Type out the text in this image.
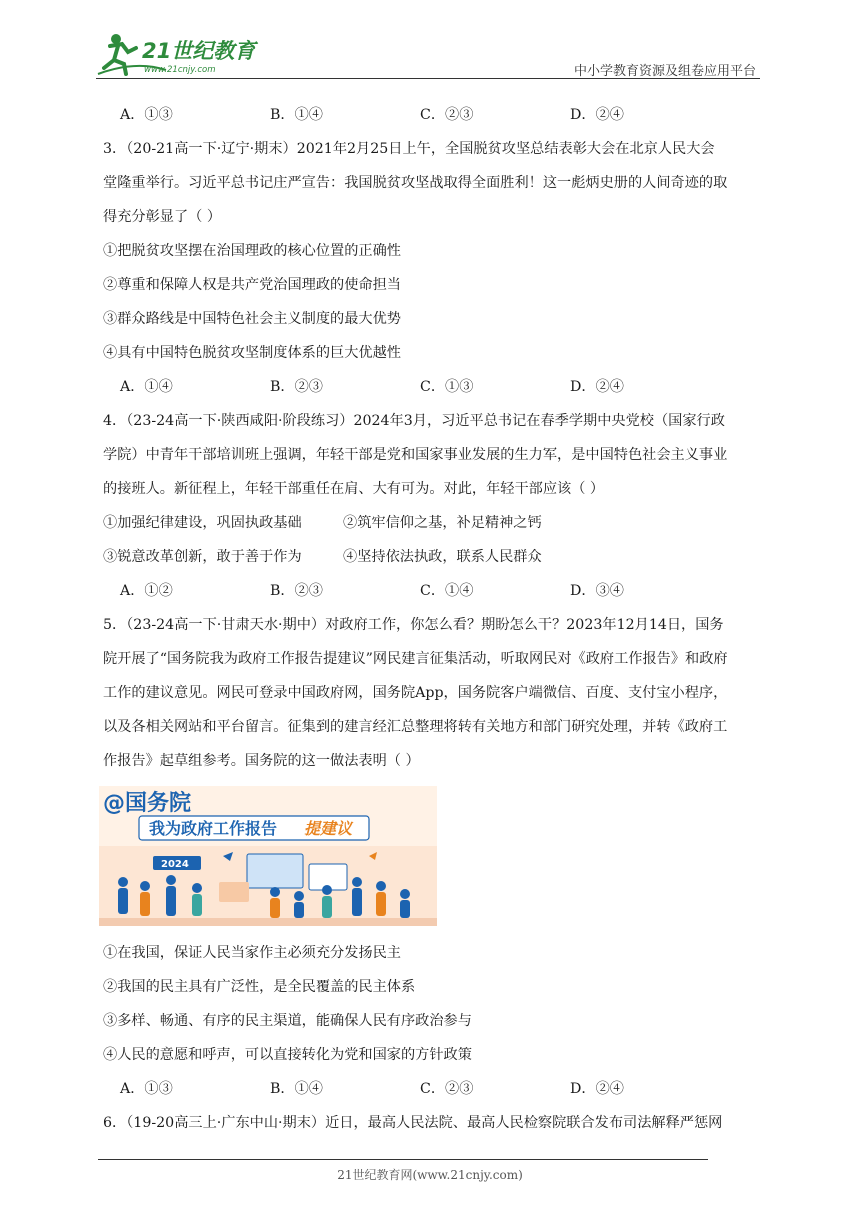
21世纪教育
www.21cnjy.com	中小学教育资源及组卷应用平台
A．①③	B．①④	C．②③	D．②④
3．（20-21高一下·辽宁·期末）2021年2月25日上午，全国脱贫攻坚总结表彰大会在北京人民大会
堂隆重举行。习近平总书记庄严宣告：我国脱贫攻坚战取得全面胜利！这一彪炳史册的人间奇迹的取
得充分彰显了（ ）
①把脱贫攻坚摆在治国理政的核心位置的正确性
②尊重和保障人权是共产党治国理政的使命担当
③群众路线是中国特色社会主义制度的最大优势
④具有中国特色脱贫攻坚制度体系的巨大优越性
A．①④	B．②③	C．①③	D．②④
4．（23-24高一下·陕西咸阳·阶段练习）2024年3月，习近平总书记在春季学期中央党校（国家行政
学院）中青年干部培训班上强调，年轻干部是党和国家事业发展的生力军，是中国特色社会主义事业
的接班人。新征程上，年轻干部重任在肩、大有可为。对此，年轻干部应该（ ）
①加强纪律建设，巩固执政基础	②筑牢信仰之基，补足精神之钙
③锐意改革创新，敢于善于作为	④坚持依法执政，联系人民群众
A．①②	B．②③	C．①④	D．③④
5．（23-24高一下·甘肃天水·期中）对政府工作，你怎么看？期盼怎么干？2023年12月14日，国务
院开展了“国务院我为政府工作报告提建议”网民建言征集活动，听取网民对《政府工作报告》和政府
工作的建议意见。网民可登录中国政府网，国务院App，国务院客户端微信、百度、支付宝小程序，
以及各相关网站和平台留言。征集到的建言经汇总整理将转有关地方和部门研究处理，并转《政府工
作报告》起草组参考。国务院的这一做法表明（ ）
@国务院
我为政府工作报告 提建议
2024
①在我国，保证人民当家作主必须充分发扬民主
②我国的民主具有广泛性，是全民覆盖的民主体系
③多样、畅通、有序的民主渠道，能确保人民有序政治参与
④人民的意愿和呼声，可以直接转化为党和国家的方针政策
A．①③	B．①④	C．②③	D．②④
6．（19-20高三上·广东中山·期末）近日，最高人民法院、最高人民检察院联合发布司法解释严惩网
21世纪教育网(www.21cnjy.com)
